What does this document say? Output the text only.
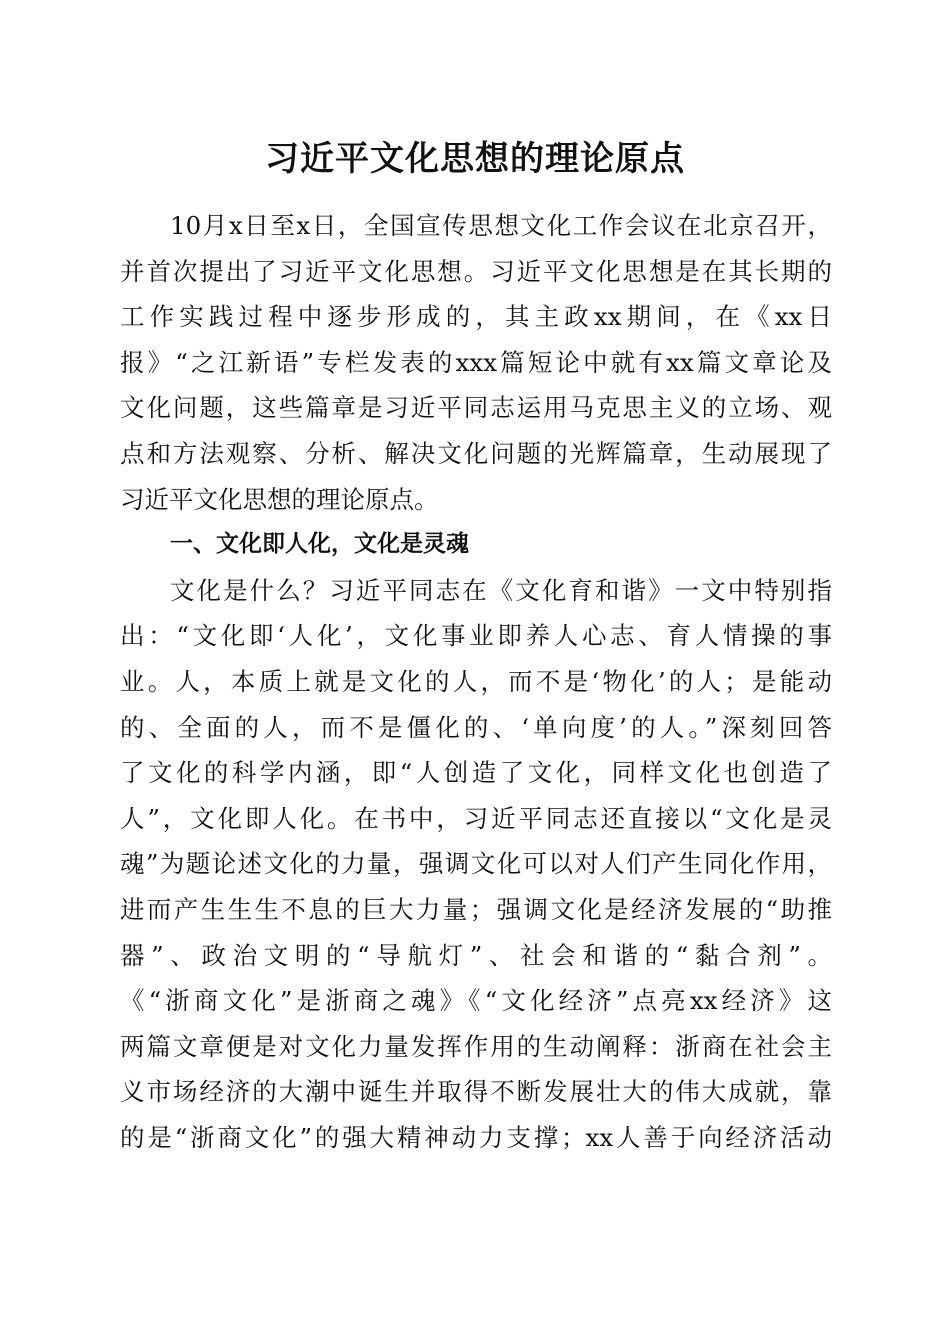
习近平文化思想的理论原点
10月x日至x日，全国宣传思想文化工作会议在北京召开，
并首次提出了习近平文化思想。习近平文化思想是在其长期的
工作实践过程中逐步形成的，其主政xx期间，在《xx日
报》“之江新语”专栏发表的xxx篇短论中就有xx篇文章论及
文化问题，这些篇章是习近平同志运用马克思主义的立场、观
点和方法观察、分析、解决文化问题的光辉篇章，生动展现了
习近平文化思想的理论原点。
一、文化即人化，文化是灵魂
文化是什么？习近平同志在《文化育和谐》一文中特别指
出：“文化即‘人化’，文化事业即养人心志、育人情操的事
业。人，本质上就是文化的人，而不是‘物化’的人；是能动
的、全面的人，而不是僵化的、‘单向度’的人。”深刻回答
了文化的科学内涵，即“人创造了文化，同样文化也创造了
人”，文化即人化。在书中，习近平同志还直接以“文化是灵
魂”为题论述文化的力量，强调文化可以对人们产生同化作用，
进而产生生生不息的巨大力量；强调文化是经济发展的“助推
器”、政治文明的“导航灯”、社会和谐的“黏合剂”。
《“浙商文化”是浙商之魂》《“文化经济”点亮xx经济》这
两篇文章便是对文化力量发挥作用的生动阐释：浙商在社会主
义市场经济的大潮中诞生并取得不断发展壮大的伟大成就，靠
的是“浙商文化”的强大精神动力支撑；xx人善于向经济活动
